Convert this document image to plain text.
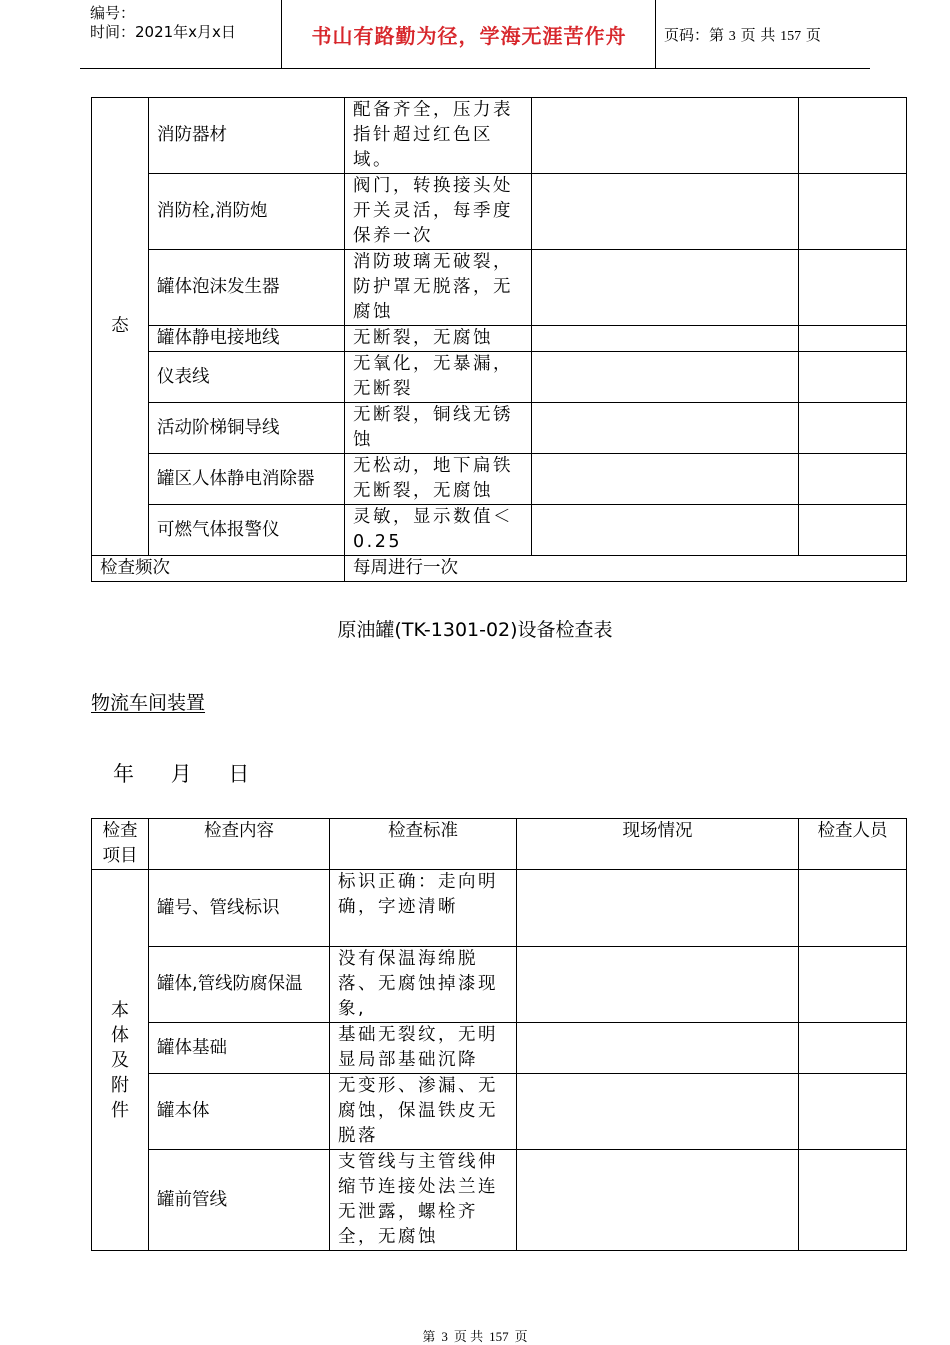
编号：
时间：2021年x月x日	书山有路勤为径，学海无涯苦作舟	页码：第 3 页 共 157 页
态	消防器材	配备齐全，压力表指针超过红色区域。		
	消防栓,消防炮	阀门，转换接头处开关灵活，每季度保养一次		
	罐体泡沫发生器	消防玻璃无破裂，防护罩无脱落，无腐蚀		
	罐体静电接地线	无断裂，无腐蚀		
	仪表线	无氧化，无暴漏，无断裂		
	活动阶梯铜导线	无断裂，铜线无锈蚀		
	罐区人体静电消除器	无松动，地下扁铁无断裂，无腐蚀		
	可燃气体报警仪	灵敏，显示数值＜0.25		
检查频次		每周进行一次		
原油罐(TK-1301-02)设备检查表
物流车间装置
年 月 日
检查项目	检查内容	检查标准	现场情况	检查人员

本
体
及
附
件	罐号、管线标识	标识正确：走向明确，字迹清晰		
	罐体,管线防腐保温	没有保温海绵脱落、无腐蚀掉漆现象,		
	罐体基础	基础无裂纹，无明显局部基础沉降		
	罐本体	无变形、渗漏、无腐蚀，保温铁皮无脱落		
	罐前管线	支管线与主管线伸缩节连接处法兰连无泄露，螺栓齐全，无腐蚀		
第 3 页 共 157 页
